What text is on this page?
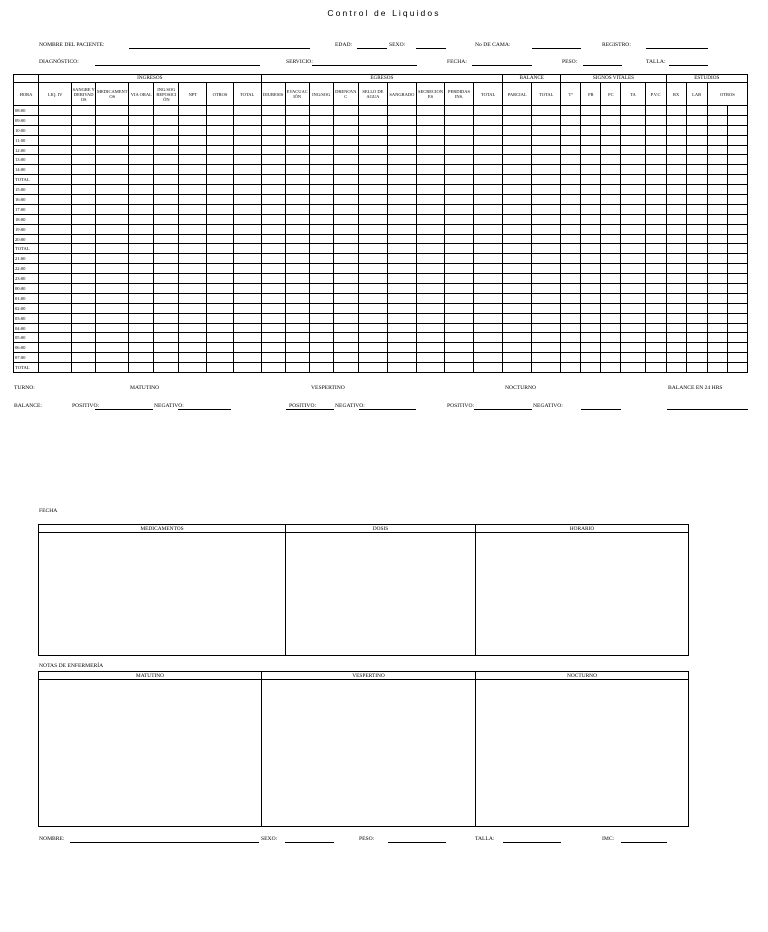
Control de Liquidos
NOMBRE DEL PACIENTE:	EDAD:	SEXO:	No DE CAMA:	REGISTRO:
DIAGNÓSTICO:	SERVICIO:	FECHA:	PESO:	TALLA:
	INGRESOS								EGRESOS									BALANCE		SIGNOS VITALES					ESTUDIOS			
HORA	LIQ. IV	SANGRE Y DERIVAD OS	MEDICAMENT OS	VIA ORAL	ING.SOG REPOSICI ÓN	NPT	OTROS	TOTAL	DIURESIS	EVACUAC IÓN	ING/SOG	DRENOVA C	SELLO DE AGUA	SANGRADO	SECRECION ES	PERDIDAS INS.	TOTAL	PARCIAL	TOTAL	T°	FR	FC	TA	P.V.C	RX	LAB	OTROS	
08:00																												
09:00																												
10:00																												
11:00																												
12:00																												
13:00																												
14:00																												
TOTAL																												
15:00																												
16:00																												
17:00																												
18:00																												
19:00																												
20:00																												
TOTAL																												
21:00																												
22:00																												
23:00																												
00:00																												
01:00																												
02:00																												
03:00																												
04:00																												
05:00																												
06:00																												
07:00																												
TOTAL																												
TURNO:	MATUTINO	VESPERTINO	NOCTURNO	BALANCE EN 24 HRS
BALANCE:	POSITIVO:	NEGATIVO:	POSITIVO:	NEGATIVO:	POSITIVO:	NEGATIVO:
FECHA
MEDICAMENTOS	DOSIS	HORARIO

NOTAS DE ENFERMERÍA
MATUTINO	VESPERTINO	NOCTURNO

NOMBRE:	SEXO:	PESO:	TALLA:	IMC:
